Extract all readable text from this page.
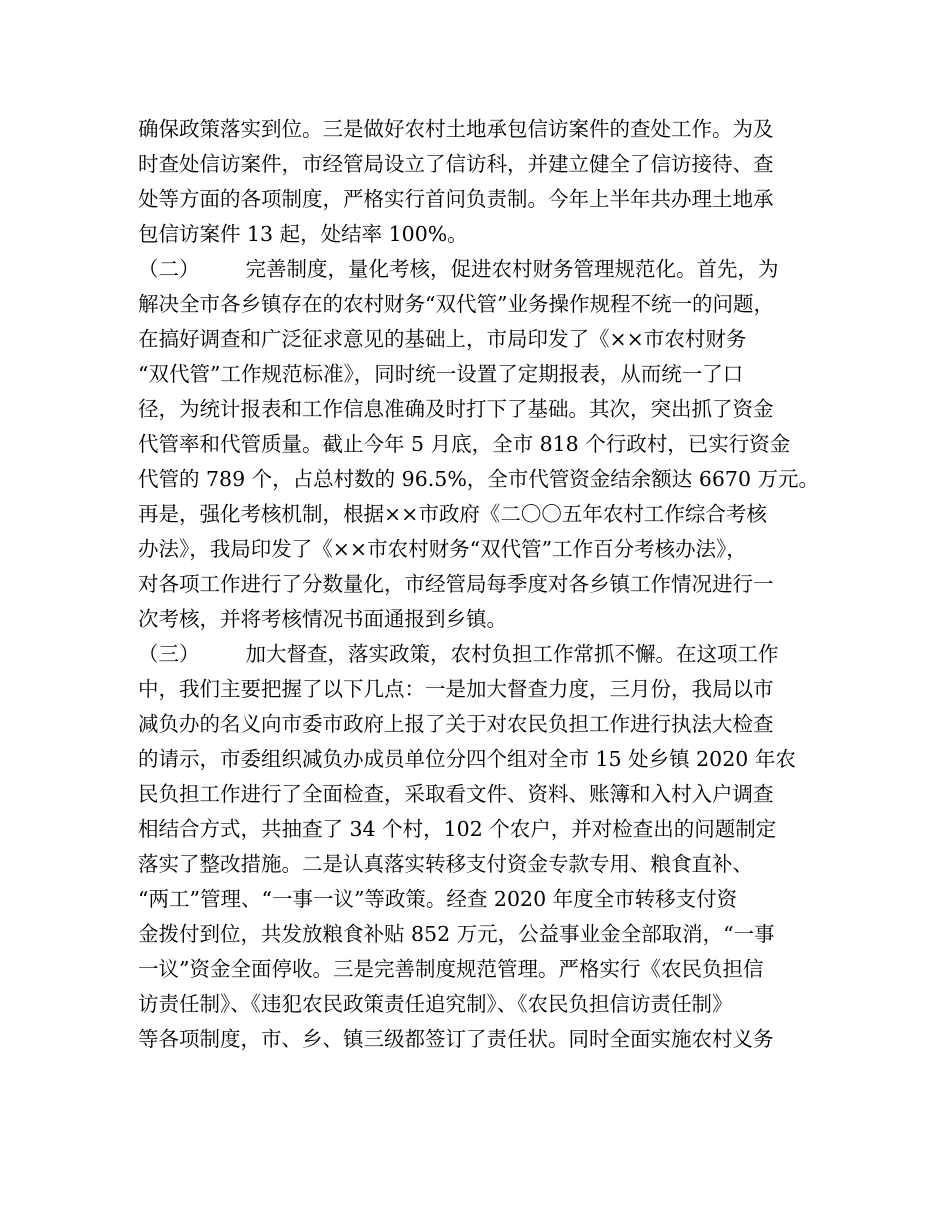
确保政策落实到位。三是做好农村土地承包信访案件的查处工作。为及
时查处信访案件，市经管局设立了信访科，并建立健全了信访接待、查
处等方面的各项制度，严格实行首问负责制。今年上半年共办理土地承
包信访案件 13 起，处结率 100%。
（二） 完善制度，量化考核，促进农村财务管理规范化。首先，为
解决全市各乡镇存在的农村财务“双代管”业务操作规程不统一的问题，
在搞好调查和广泛征求意见的基础上，市局印发了《××市农村财务
“双代管”工作规范标准》，同时统一设置了定期报表，从而统一了口
径，为统计报表和工作信息准确及时打下了基础。其次，突出抓了资金
代管率和代管质量。截止今年 5 月底，全市 818 个行政村，已实行资金
代管的 789 个，占总村数的 96.5%，全市代管资金结余额达 6670 万元。
再是，强化考核机制，根据××市政府《二〇〇五年农村工作综合考核
办法》，我局印发了《××市农村财务“双代管”工作百分考核办法》，
对各项工作进行了分数量化，市经管局每季度对各乡镇工作情况进行一
次考核，并将考核情况书面通报到乡镇。
（三） 加大督查，落实政策，农村负担工作常抓不懈。在这项工作
中，我们主要把握了以下几点：一是加大督查力度，三月份，我局以市
减负办的名义向市委市政府上报了关于对农民负担工作进行执法大检查
的请示，市委组织减负办成员单位分四个组对全市 15 处乡镇 2020 年农
民负担工作进行了全面检查，采取看文件、资料、账簿和入村入户调查
相结合方式，共抽查了 34 个村，102 个农户，并对检查出的问题制定
落实了整改措施。二是认真落实转移支付资金专款专用、粮食直补、
“两工”管理、“一事一议”等政策。经查 2020 年度全市转移支付资
金拨付到位，共发放粮食补贴 852 万元，公益事业金全部取消，“一事
一议”资金全面停收。三是完善制度规范管理。严格实行《农民负担信
访责任制》、《违犯农民政策责任追究制》、《农民负担信访责任制》
等各项制度，市、乡、镇三级都签订了责任状。同时全面实施农村义务
